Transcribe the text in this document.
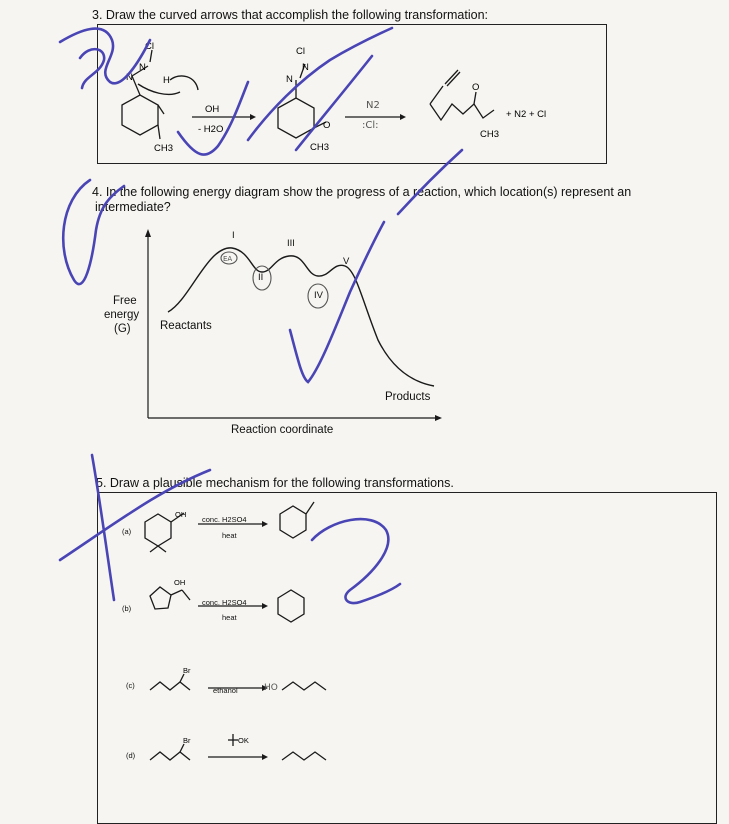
3. Draw the curved arrows that accomplish the following transformation:
4. In the following energy diagram show the progress of a reaction, which location(s) represent an
intermediate?
Free
energy
(G)	Reactants
Products
Reaction coordinate
I
II
III
IV
V
5. Draw a plausible mechanism for the following transformations.
(a)
conc. H2SO4
heat
(b)
conc. H2SO4
heat
(c)
ethanol
(d)
Cl
N
N	H
CH3
OH
- H2O
Cl
N
N
O
CH3
O
CH3
+ N2 + Cl
N2
:Cl:
EA
OH
OH
Br
HO
Br	OK
